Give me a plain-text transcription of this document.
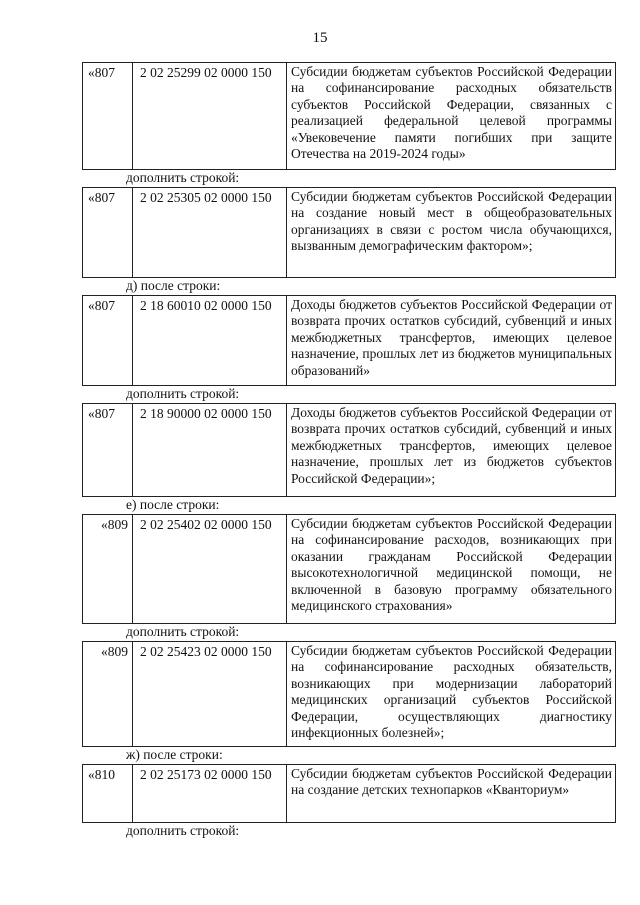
15
«807 2 02 25299 02 0000 150 Субсидии бюджетам субъектов Российской Федерации на софинансирование расходных обязательств субъектов Российской Федерации, связанных с реализацией федеральной целевой программы «Увековечение памяти погибших при защите Отечества на 2019-2024 годы»
дополнить строкой:
«807 2 02 25305 02 0000 150 Субсидии бюджетам субъектов Российской Федерации на создание новый мест в общеобразовательных организациях в связи с ростом числа обучающихся, вызванным демографическим фактором»;
д) после строки:
«807 2 18 60010 02 0000 150 Доходы бюджетов субъектов Российской Федерации от возврата прочих остатков субсидий, субвенций и иных межбюджетных трансфертов, имеющих целевое назначение, прошлых лет из бюджетов муниципальных образований»
дополнить строкой:
«807 2 18 90000 02 0000 150 Доходы бюджетов субъектов Российской Федерации от возврата прочих остатков субсидий, субвенций и иных межбюджетных трансфертов, имеющих целевое назначение, прошлых лет из бюджетов субъектов Российской Федерации»;
е) после строки:
«809 2 02 25402 02 0000 150 Субсидии бюджетам субъектов Российской Федерации на софинансирование расходов, возникающих при оказании гражданам Российской Федерации высокотехнологичной медицинской помощи, не включенной в базовую программу обязательного медицинского страхования»
дополнить строкой:
«809 2 02 25423 02 0000 150 Субсидии бюджетам субъектов Российской Федерации на софинансирование расходных обязательств, возникающих при модернизации лабораторий медицинских организаций субъектов Российской Федерации, осуществляющих диагностику инфекционных болезней»;
ж) после строки:
«810 2 02 25173 02 0000 150 Субсидии бюджетам субъектов Российской Федерации на создание детских технопарков «Кванториум»
дополнить строкой:
